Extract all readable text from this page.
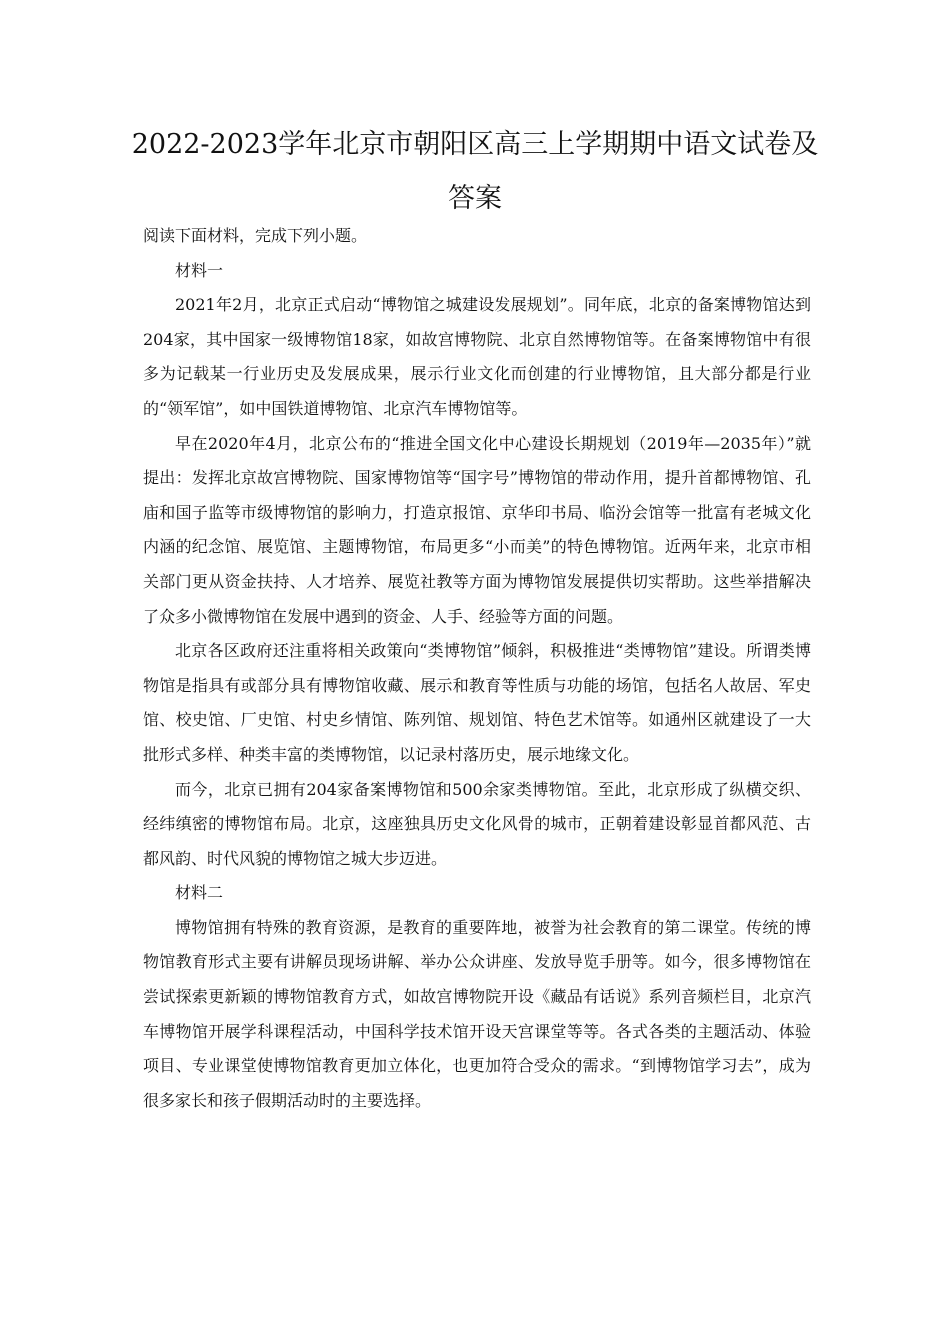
2022-2023学年北京市朝阳区高三上学期期中语文试卷及答案

阅读下面材料，完成下列小题。

材料一

2021年2月，北京正式启动“博物馆之城建设发展规划”。同年底，北京的备案博物馆达到204家，其中国家一级博物馆18家，如故宫博物院、北京自然博物馆等。在备案博物馆中有很多为记载某一行业历史及发展成果，展示行业文化而创建的行业博物馆，且大部分都是行业的“领军馆”，如中国铁道博物馆、北京汽车博物馆等。

早在2020年4月，北京公布的“推进全国文化中心建设长期规划（2019年—2035年）”就提出：发挥北京故宫博物院、国家博物馆等“国字号”博物馆的带动作用，提升首都博物馆、孔庙和国子监等市级博物馆的影响力，打造京报馆、京华印书局、临汾会馆等一批富有老城文化内涵的纪念馆、展览馆、主题博物馆，布局更多“小而美”的特色博物馆。近两年来，北京市相关部门更从资金扶持、人才培养、展览社教等方面为博物馆发展提供切实帮助。这些举措解决了众多小微博物馆在发展中遇到的资金、人手、经验等方面的问题。

北京各区政府还注重将相关政策向“类博物馆”倾斜，积极推进“类博物馆”建设。所谓类博物馆是指具有或部分具有博物馆收藏、展示和教育等性质与功能的场馆，包括名人故居、军史馆、校史馆、厂史馆、村史乡情馆、陈列馆、规划馆、特色艺术馆等。如通州区就建设了一大批形式多样、种类丰富的类博物馆，以记录村落历史，展示地缘文化。

而今，北京已拥有204家备案博物馆和500余家类博物馆。至此，北京形成了纵横交织、经纬缜密的博物馆布局。北京，这座独具历史文化风骨的城市，正朝着建设彰显首都风范、古都风韵、时代风貌的博物馆之城大步迈进。

材料二

博物馆拥有特殊的教育资源，是教育的重要阵地，被誉为社会教育的第二课堂。传统的博物馆教育形式主要有讲解员现场讲解、举办公众讲座、发放导览手册等。如今，很多博物馆在尝试探索更新颖的博物馆教育方式，如故宫博物院开设《藏品有话说》系列音频栏目，北京汽车博物馆开展学科课程活动，中国科学技术馆开设天宫课堂等等。各式各类的主题活动、体验项目、专业课堂使博物馆教育更加立体化，也更加符合受众的需求。“到博物馆学习去”，成为很多家长和孩子假期活动时的主要选择。
